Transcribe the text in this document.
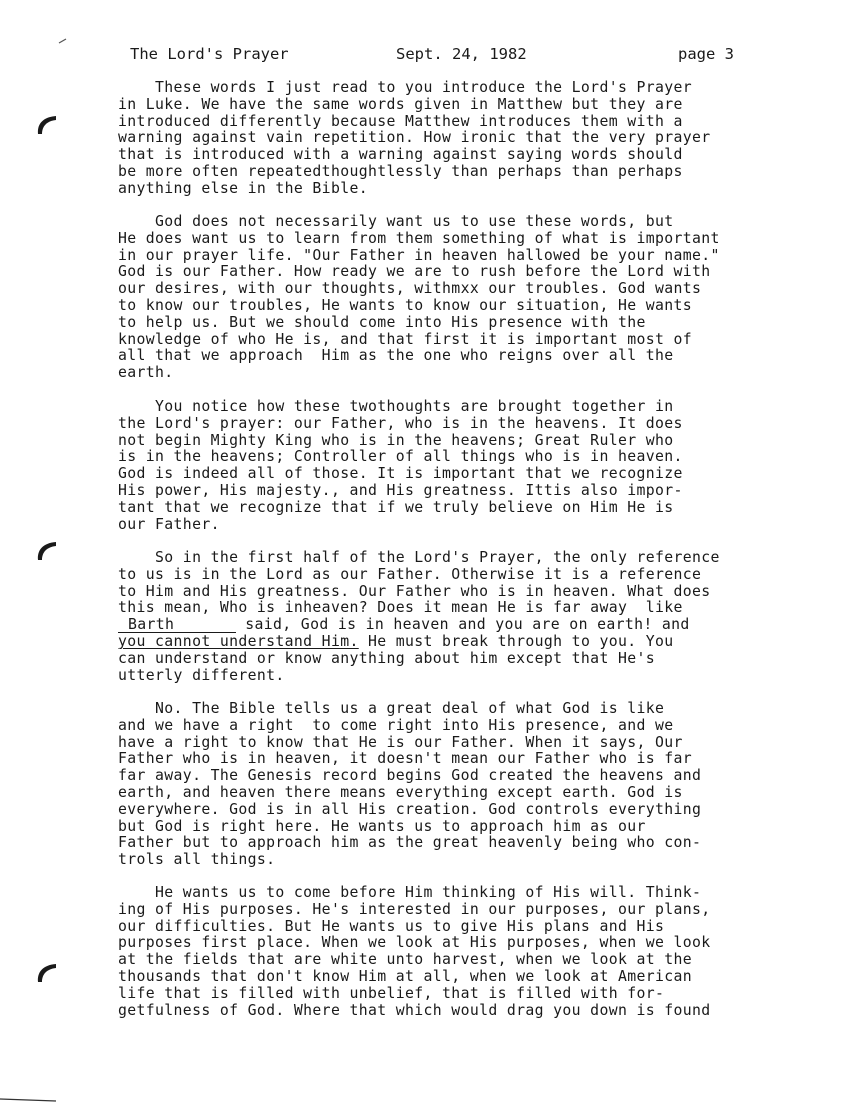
The Lord's Prayer	Sept. 24, 1982	page 3
These words I just read to you introduce the Lord's Prayer
in Luke. We have the same words given in Matthew but they are
introduced differently because Matthew introduces them with a
warning against vain repetition. How ironic that the very prayer
that is introduced with a warning against saying words should
be more often repeatedthoughtlessly than perhaps than perhaps
anything else in the Bible.
God does not necessarily want us to use these words, but
He does want us to learn from them something of what is important
in our prayer life. "Our Father in heaven hallowed be your name."
God is our Father. How ready we are to rush before the Lord with
our desires, with our thoughts, withmxx our troubles. God wants
to know our troubles, He wants to know our situation, He wants
to help us. But we should come into His presence with the
knowledge of who He is, and that first it is important most of
all that we approach  Him as the one who reigns over all the
earth.
You notice how these twothoughts are brought together in
the Lord's prayer: our Father, who is in the heavens. It does
not begin Mighty King who is in the heavens; Great Ruler who
is in the heavens; Controller of all things who is in heaven.
God is indeed all of those. It is important that we recognize
His power, His majesty., and His greatness. Ittis also impor-
tant that we recognize that if we truly believe on Him He is
our Father.
So in the first half of the Lord's Prayer, the only reference
to us is in the Lord as our Father. Otherwise it is a reference
to Him and His greatness. Our Father who is in heaven. What does
this mean, Who is inheaven? Does it mean He is far away  like
Barth	said, God is in heaven and you are on earth! and
you cannot understand Him. He must break through to you. You
can understand or know anything about him except that He's
utterly different.
No. The Bible tells us a great deal of what God is like
and we have a right  to come right into His presence, and we
have a right to know that He is our Father. When it says, Our
Father who is in heaven, it doesn't mean our Father who is far
far away. The Genesis record begins God created the heavens and
earth, and heaven there means everything except earth. God is
everywhere. God is in all His creation. God controls everything
but God is right here. He wants us to approach him as our
Father but to approach him as the great heavenly being who con-
trols all things.
He wants us to come before Him thinking of His will. Think-
ing of His purposes. He's interested in our purposes, our plans,
our difficulties. But He wants us to give His plans and His
purposes first place. When we look at His purposes, when we look
at the fields that are white unto harvest, when we look at the
thousands that don't know Him at all, when we look at American
life that is filled with unbelief, that is filled with for-
getfulness of God. Where that which would drag you down is found
